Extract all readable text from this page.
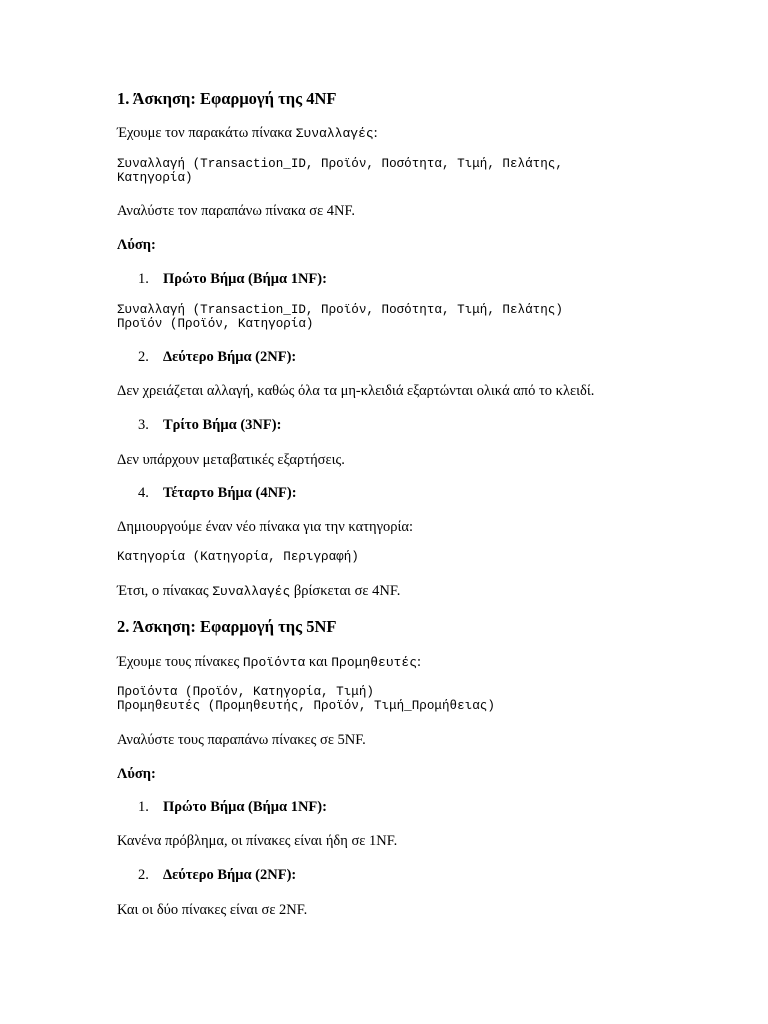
1. Άσκηση: Εφαρμογή της 4NF

Έχουμε τον παρακάτω πίνακα Συναλλαγές:

Συναλλαγή (Transaction_ID, Προϊόν, Ποσότητα, Τιμή, Πελάτης,
Κατηγορία)

Αναλύστε τον παραπάνω πίνακα σε 4NF.

Λύση:

1. Πρώτο Βήμα (Βήμα 1NF):
Συναλλαγή (Transaction_ID, Προϊόν, Ποσότητα, Τιμή, Πελάτης)
Προϊόν (Προϊόν, Κατηγορία)
2. Δεύτερο Βήμα (2NF):

Δεν χρειάζεται αλλαγή, καθώς όλα τα μη-κλειδιά εξαρτώνται ολικά από το κλειδί.

3. Τρίτο Βήμα (3NF):

Δεν υπάρχουν μεταβατικές εξαρτήσεις.

4. Τέταρτο Βήμα (4NF):

Δημιουργούμε έναν νέο πίνακα για την κατηγορία:

Κατηγορία (Κατηγορία, Περιγραφή)

Έτσι, ο πίνακας Συναλλαγές βρίσκεται σε 4NF.

2. Άσκηση: Εφαρμογή της 5NF

Έχουμε τους πίνακες Προϊόντα και Προμηθευτές:

Προϊόντα (Προϊόν, Κατηγορία, Τιμή)
Προμηθευτές (Προμηθευτής, Προϊόν, Τιμή_Προμήθειας)

Αναλύστε τους παραπάνω πίνακες σε 5NF.

Λύση:

1. Πρώτο Βήμα (Βήμα 1NF):

Κανένα πρόβλημα, οι πίνακες είναι ήδη σε 1NF.

2. Δεύτερο Βήμα (2NF):

Και οι δύο πίνακες είναι σε 2NF.
